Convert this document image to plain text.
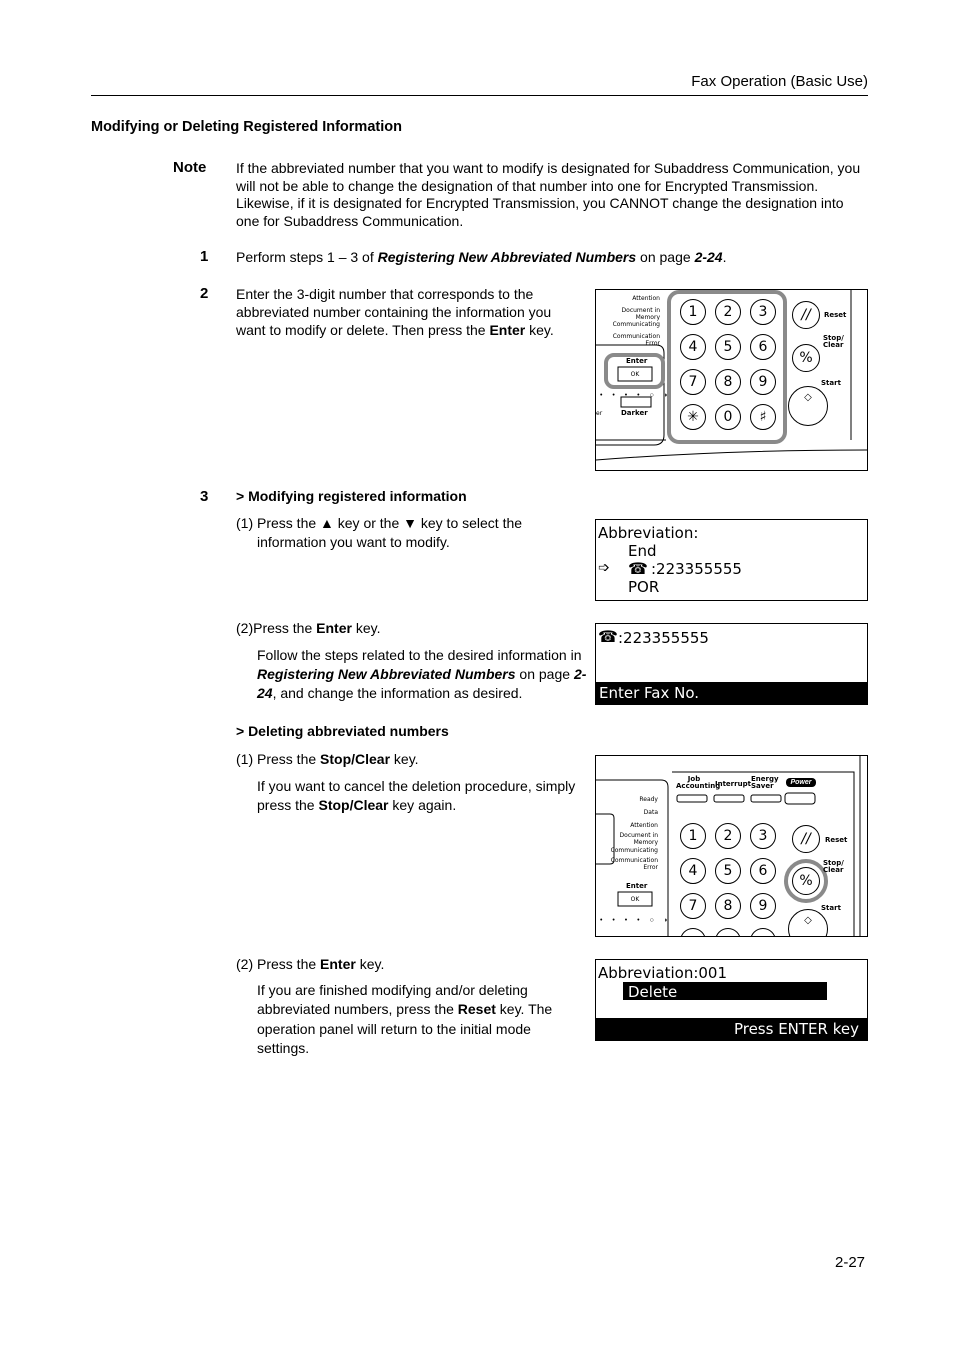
Fax Operation (Basic Use)
Modifying or Deleting Registered Information
Note If the abbreviated number that you want to modify is designated for Subaddress Communication, you will not be able to change the designation of that number into one for Encrypted Transmission. Likewise, if it is designated for Encrypted Transmission, you CANNOT change the designation into one for Subaddress Communication.
1 Perform steps 1 – 3 of Registering New Abbreviated Numbers on page 2-24.
2 Enter the 3-digit number that corresponds to the abbreviated number containing the information you want to modify or delete. Then press the Enter key.
Attention
Document in Memory
Communicating
Communication Error
Enter
OK
er	Darker
• • • • ○ ◗
1	2	3
4	5	6
7	8	9
✳	0	♯
//	Reset
%
Stop/ Clear
◇
Start
3 > Modifying registered information
(1) Press the ▲ key or the ▼ key to select the information you want to modify.	Abbreviation:
End
➩ ☎ :223355555
POR
(2)Press the Enter key.
Follow the steps related to the desired information in Registering New Abbreviated Numbers on page 2-24, and change the information as desired.
☎ :223355555
Enter Fax No.
> Deleting abbreviated numbers
(1) Press the Stop/Clear key.
If you want to cancel the deletion procedure, simply press the Stop/Clear key again.
Job Accounting
Interrupt
Energy Saver	Power
Ready
Data
Attention
Document in Memory
Communicating
Communication Error
Enter
OK
• • • • ○ ◗
1	2	3
4	5	6
7	8	9
//	Reset
%
Stop/ Clear
◇
Start
(2) Press the Enter key.
If you are finished modifying and/or deleting abbreviated numbers, press the Reset key. The operation panel will return to the initial mode settings.
Abbreviation:001
Delete
Press ENTER key
2-27
